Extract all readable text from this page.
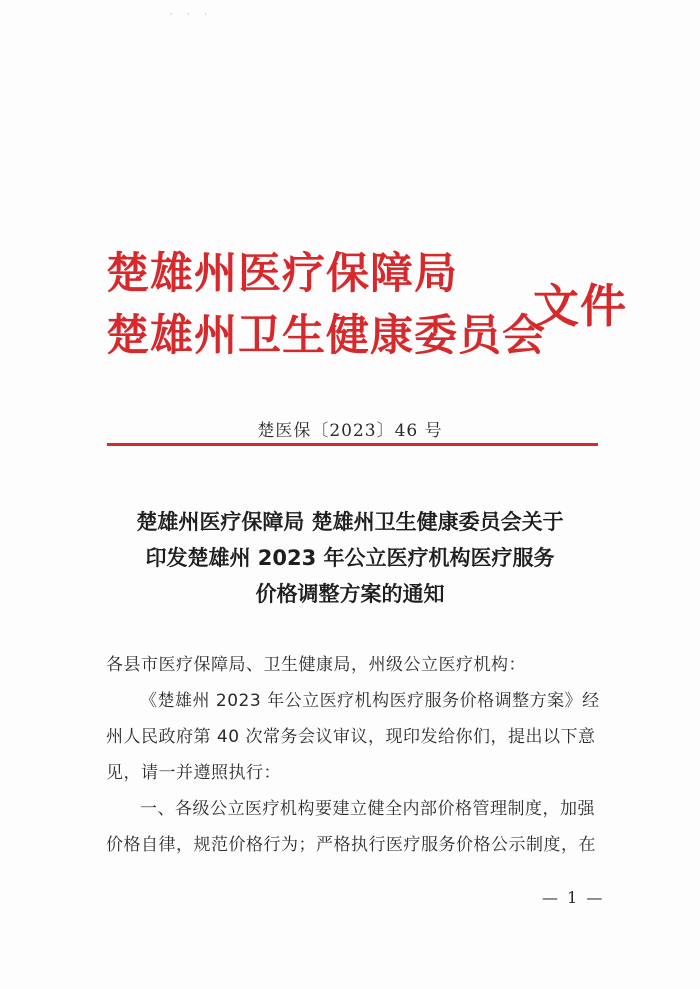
· · ·
楚雄州医疗保障局
楚雄州卫生健康委员会
文件
楚医保〔2023〕46 号
楚雄州医疗保障局 楚雄州卫生健康委员会关于
印发楚雄州 2023 年公立医疗机构医疗服务
价格调整方案的通知

各县市医疗保障局、卫生健康局，州级公立医疗机构：

《楚雄州 2023 年公立医疗机构医疗服务价格调整方案》经

州人民政府第 40 次常务会议审议，现印发给你们，提出以下意

见，请一并遵照执行：

一、各级公立医疗机构要建立健全内部价格管理制度，加强

价格自律，规范价格行为；严格执行医疗服务价格公示制度，在

— 1 —
